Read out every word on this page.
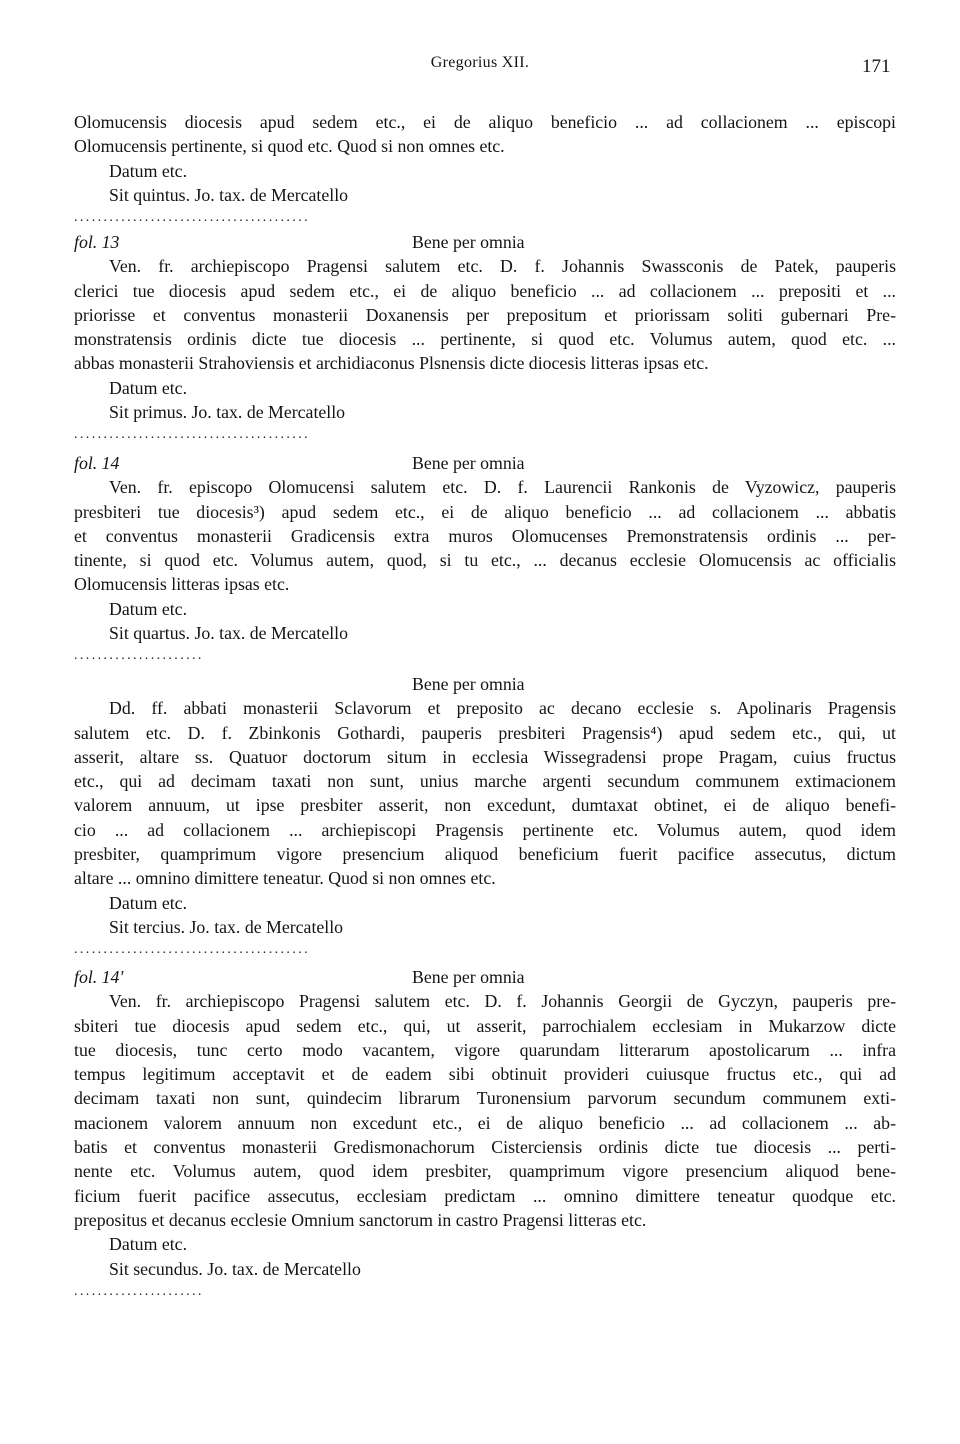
Gregorius XII.	171
Olomucensis diocesis apud sedem etc., ei de aliquo beneficio ... ad collacionem ... episcopi
Olomucensis pertinente, si quod etc. Quod si non omnes etc.
Datum etc.
Sit quintus. Jo. tax. de Mercatello
........................................
fol. 13	Bene per omnia
Ven. fr. archiepiscopo Pragensi salutem etc. D. f. Johannis Swassconis de Patek, pauperis
clerici tue diocesis apud sedem etc., ei de aliquo beneficio ... ad collacionem ... prepositi et ...
priorisse et conventus monasterii Doxanensis per prepositum et priorissam soliti gubernari Pre-
monstratensis ordinis dicte tue diocesis ... pertinente, si quod etc. Volumus autem, quod etc. ...
abbas monasterii Strahoviensis et archidiaconus Plsnensis dicte diocesis litteras ipsas etc.
Datum etc.
Sit primus. Jo. tax. de Mercatello
........................................
fol. 14	Bene per omnia
Ven. fr. episcopo Olomucensi salutem etc. D. f. Laurencii Rankonis de Vyzowicz, pauperis
presbiteri tue diocesis³) apud sedem etc., ei de aliquo beneficio ... ad collacionem ... abbatis
et conventus monasterii Gradicensis extra muros Olomucenses Premonstratensis ordinis ... per-
tinente, si quod etc. Volumus autem, quod, si tu etc., ... decanus ecclesie Olomucensis ac officialis
Olomucensis litteras ipsas etc.
Datum etc.
Sit quartus. Jo. tax. de Mercatello
......................
Bene per omnia
Dd. ff. abbati monasterii Sclavorum et preposito ac decano ecclesie s. Apolinaris Pragensis
salutem etc. D. f. Zbinkonis Gothardi, pauperis presbiteri Pragensis⁴) apud sedem etc., qui, ut
asserit, altare ss. Quatuor doctorum situm in ecclesia Wissegradensi prope Pragam, cuius fructus
etc., qui ad decimam taxati non sunt, unius marche argenti secundum communem extimacionem
valorem annuum, ut ipse presbiter asserit, non excedunt, dumtaxat obtinet, ei de aliquo benefi-
cio ... ad collacionem ... archiepiscopi Pragensis pertinente etc. Volumus autem, quod idem
presbiter, quamprimum vigore presencium aliquod beneficium fuerit pacifice assecutus, dictum
altare ... omnino dimittere teneatur. Quod si non omnes etc.
Datum etc.
Sit tercius. Jo. tax. de Mercatello
........................................
fol. 14'	Bene per omnia
Ven. fr. archiepiscopo Pragensi salutem etc. D. f. Johannis Georgii de Gyczyn, pauperis pre-
sbiteri tue diocesis apud sedem etc., qui, ut asserit, parrochialem ecclesiam in Mukarzow dicte
tue diocesis, tunc certo modo vacantem, vigore quarundam litterarum apostolicarum ... infra
tempus legitimum acceptavit et de eadem sibi obtinuit provideri cuiusque fructus etc., qui ad
decimam taxati non sunt, quindecim librarum Turonensium parvorum secundum communem exti-
macionem valorem annuum non excedunt etc., ei de aliquo beneficio ... ad collacionem ... ab-
batis et conventus monasterii Gredismonachorum Cisterciensis ordinis dicte tue diocesis ... perti-
nente etc. Volumus autem, quod idem presbiter, quamprimum vigore presencium aliquod bene-
ficium fuerit pacifice assecutus, ecclesiam predictam ... omnino dimittere teneatur quodque etc.
prepositus et decanus ecclesie Omnium sanctorum in castro Pragensi litteras etc.
Datum etc.
Sit secundus. Jo. tax. de Mercatello
......................
